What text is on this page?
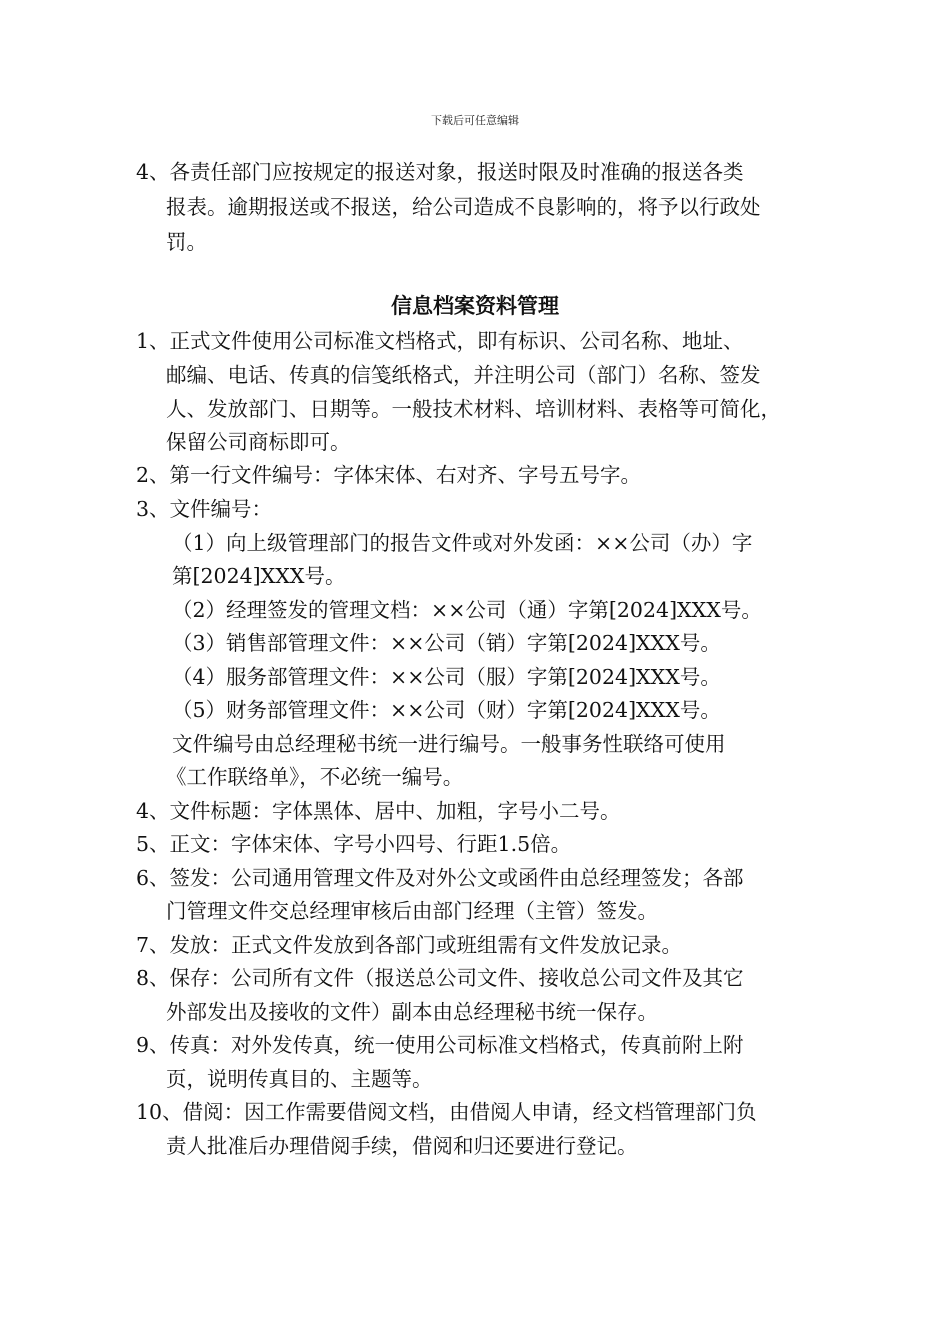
下载后可任意编辑
4、各责任部门应按规定的报送对象，报送时限及时准确的报送各类
报表。逾期报送或不报送，给公司造成不良影响的，将予以行政处
罚。
信息档案资料管理
1、正式文件使用公司标准文档格式，即有标识、公司名称、地址、
邮编、电话、传真的信笺纸格式，并注明公司（部门）名称、签发
人、发放部门、日期等。一般技术材料、培训材料、表格等可简化，
保留公司商标即可。
2、第一行文件编号：字体宋体、右对齐、字号五号字。
3、文件编号：
（1）向上级管理部门的报告文件或对外发函：××公司（办）字
第[2024]XXX号。
（2）经理签发的管理文档：××公司（通）字第[2024]XXX号。
（3）销售部管理文件：××公司（销）字第[2024]XXX号。
（4）服务部管理文件：××公司（服）字第[2024]XXX号。
（5）财务部管理文件：××公司（财）字第[2024]XXX号。
文件编号由总经理秘书统一进行编号。一般事务性联络可使用
《工作联络单》，不必统一编号。
4、文件标题：字体黑体、居中、加粗，字号小二号。
5、正文：字体宋体、字号小四号、行距1.5倍。
6、签发：公司通用管理文件及对外公文或函件由总经理签发；各部
门管理文件交总经理审核后由部门经理（主管）签发。
7、发放：正式文件发放到各部门或班组需有文件发放记录。
8、保存：公司所有文件（报送总公司文件、接收总公司文件及其它
外部发出及接收的文件）副本由总经理秘书统一保存。
9、传真：对外发传真，统一使用公司标准文档格式，传真前附上附
页，说明传真目的、主题等。
10、借阅：因工作需要借阅文档，由借阅人申请，经文档管理部门负
责人批准后办理借阅手续，借阅和归还要进行登记。
